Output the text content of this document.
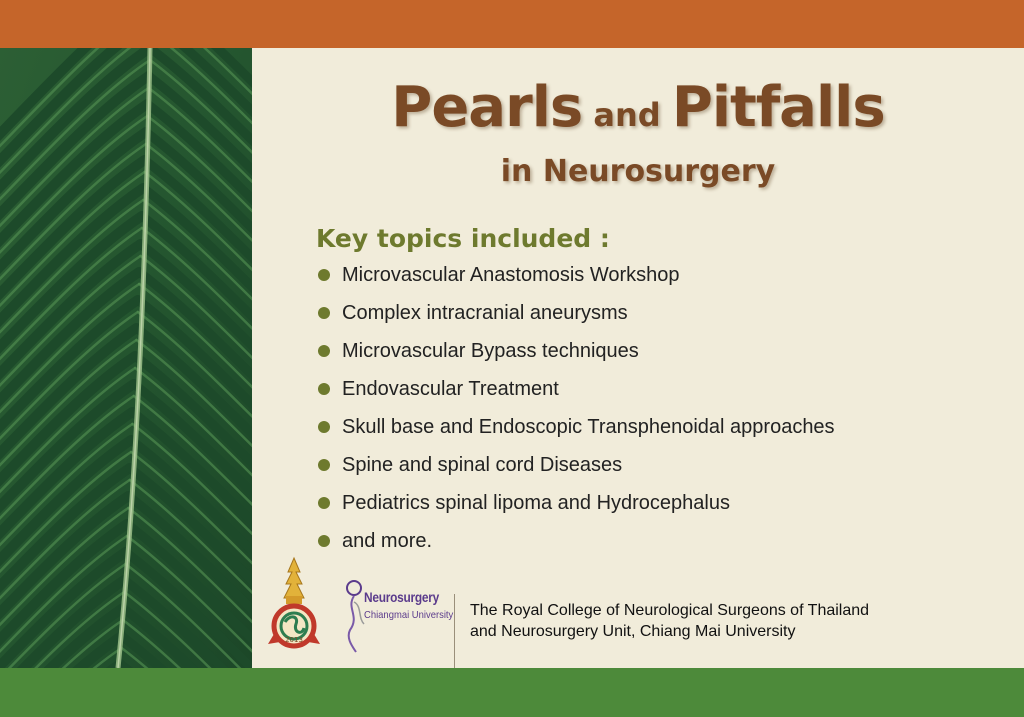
Pearls and Pitfalls
in Neurosurgery
Key topics included :
Microvascular Anastomosis Workshop
Complex intracranial aneurysms
Microvascular Bypass techniques
Endovascular Treatment
Skull base and Endoscopic Transphenoidal approaches
Spine and spinal cord Diseases
Pediatrics spinal lipoma and Hydrocephalus
and more.
2013
Neurosurgery
Chiangmai University The Royal College of Neurological Surgeons of Thailand
and Neurosurgery Unit, Chiang Mai University
